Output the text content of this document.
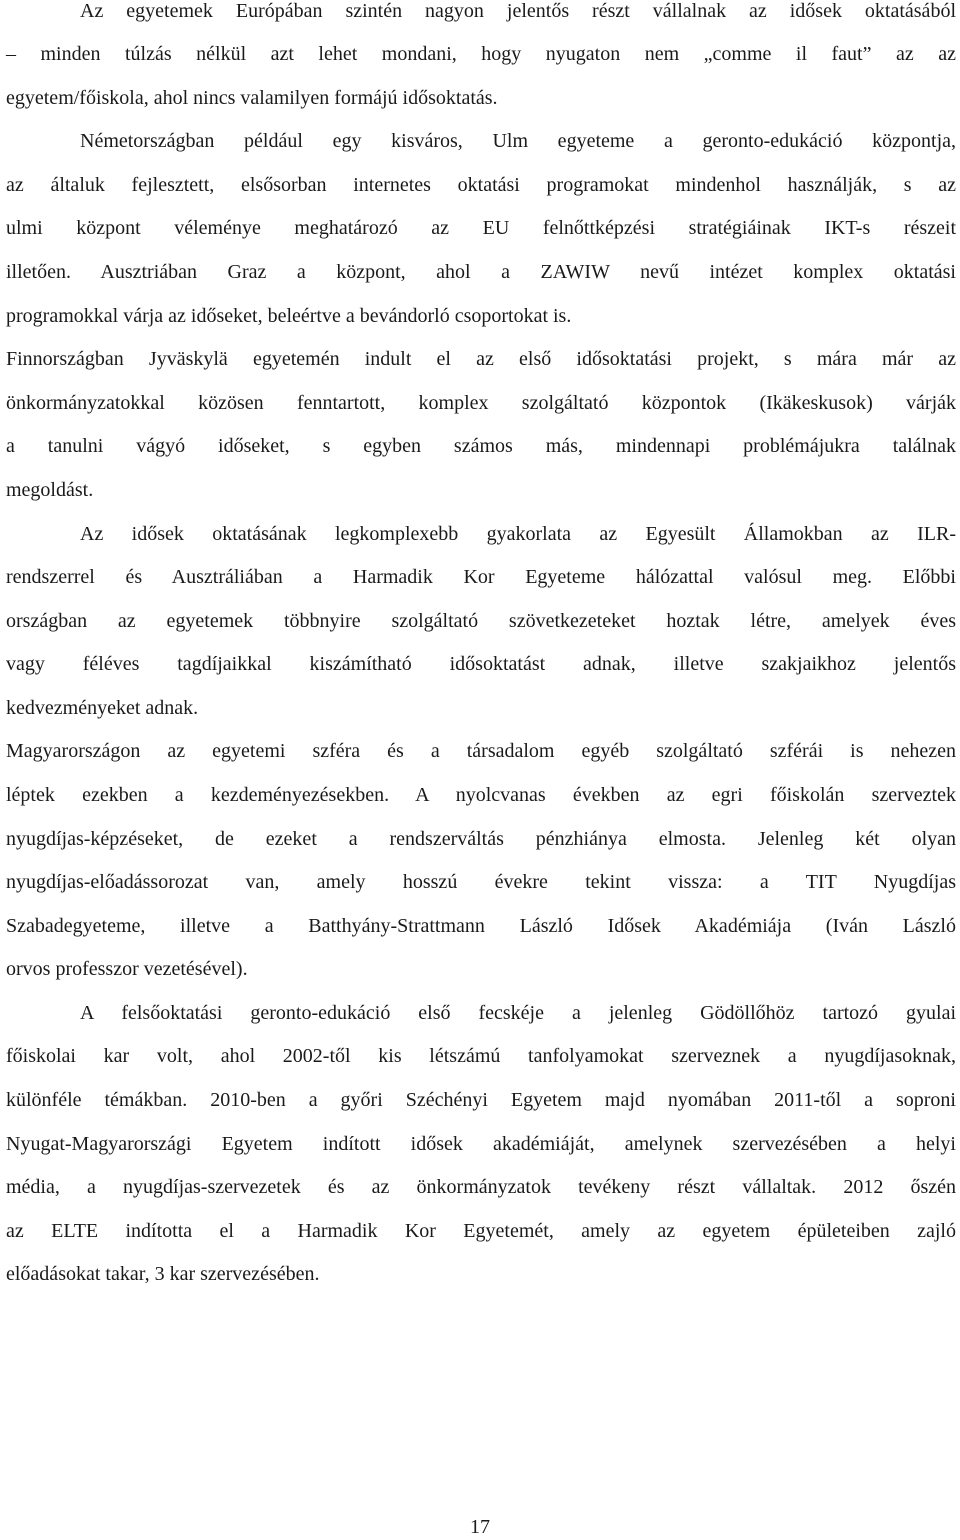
Az egyetemek Európában szintén nagyon jelentős részt vállalnak az idősek oktatásából
– minden túlzás nélkül azt lehet mondani, hogy nyugaton nem „comme il faut” az az
egyetem/főiskola, ahol nincs valamilyen formájú idősoktatás.
Németországban például egy kisváros, Ulm egyeteme a geronto-edukáció központja,
az általuk fejlesztett, elsősorban internetes oktatási programokat mindenhol használják, s az
ulmi központ véleménye meghatározó az EU felnőttképzési stratégiáinak IKT-s részeit
illetően. Ausztriában Graz a központ, ahol a ZAWIW nevű intézet komplex oktatási
programokkal várja az időseket, beleértve a bevándorló csoportokat is.
Finnországban Jyväskylä egyetemén indult el az első idősoktatási projekt, s mára már az
önkormányzatokkal közösen fenntartott, komplex szolgáltató központok (Ikäkeskusok) várják
a tanulni vágyó időseket, s egyben számos más, mindennapi problémájukra találnak
megoldást.
Az idősek oktatásának legkomplexebb gyakorlata az Egyesült Államokban az ILR-
rendszerrel és Ausztráliában a Harmadik Kor Egyeteme hálózattal valósul meg. Előbbi
országban az egyetemek többnyire szolgáltató szövetkezeteket hoztak létre, amelyek éves
vagy féléves tagdíjaikkal kiszámítható idősoktatást adnak, illetve szakjaikhoz jelentős
kedvezményeket adnak.
Magyarországon az egyetemi szféra és a társadalom egyéb szolgáltató szférái is nehezen
léptek ezekben a kezdeményezésekben. A nyolcvanas években az egri főiskolán szerveztek
nyugdíjas-képzéseket, de ezeket a rendszerváltás pénzhiánya elmosta. Jelenleg két olyan
nyugdíjas-előadássorozat van, amely hosszú évekre tekint vissza: a TIT Nyugdíjas
Szabadegyeteme, illetve a Batthyány-Strattmann László Idősek Akadémiája (Iván László
orvos professzor vezetésével).
A felsőoktatási geronto-edukáció első fecskéje a jelenleg Gödöllőhöz tartozó gyulai
főiskolai kar volt, ahol 2002-től kis létszámú tanfolyamokat szerveznek a nyugdíjasoknak,
különféle témákban. 2010-ben a győri Széchényi Egyetem majd nyomában 2011-től a soproni
Nyugat-Magyarországi Egyetem indított idősek akadémiáját, amelynek szervezésében a helyi
média, a nyugdíjas-szervezetek és az önkormányzatok tevékeny részt vállaltak. 2012 őszén
az ELTE indította el a Harmadik Kor Egyetemét, amely az egyetem épületeiben zajló
előadásokat takar, 3 kar szervezésében.
17
